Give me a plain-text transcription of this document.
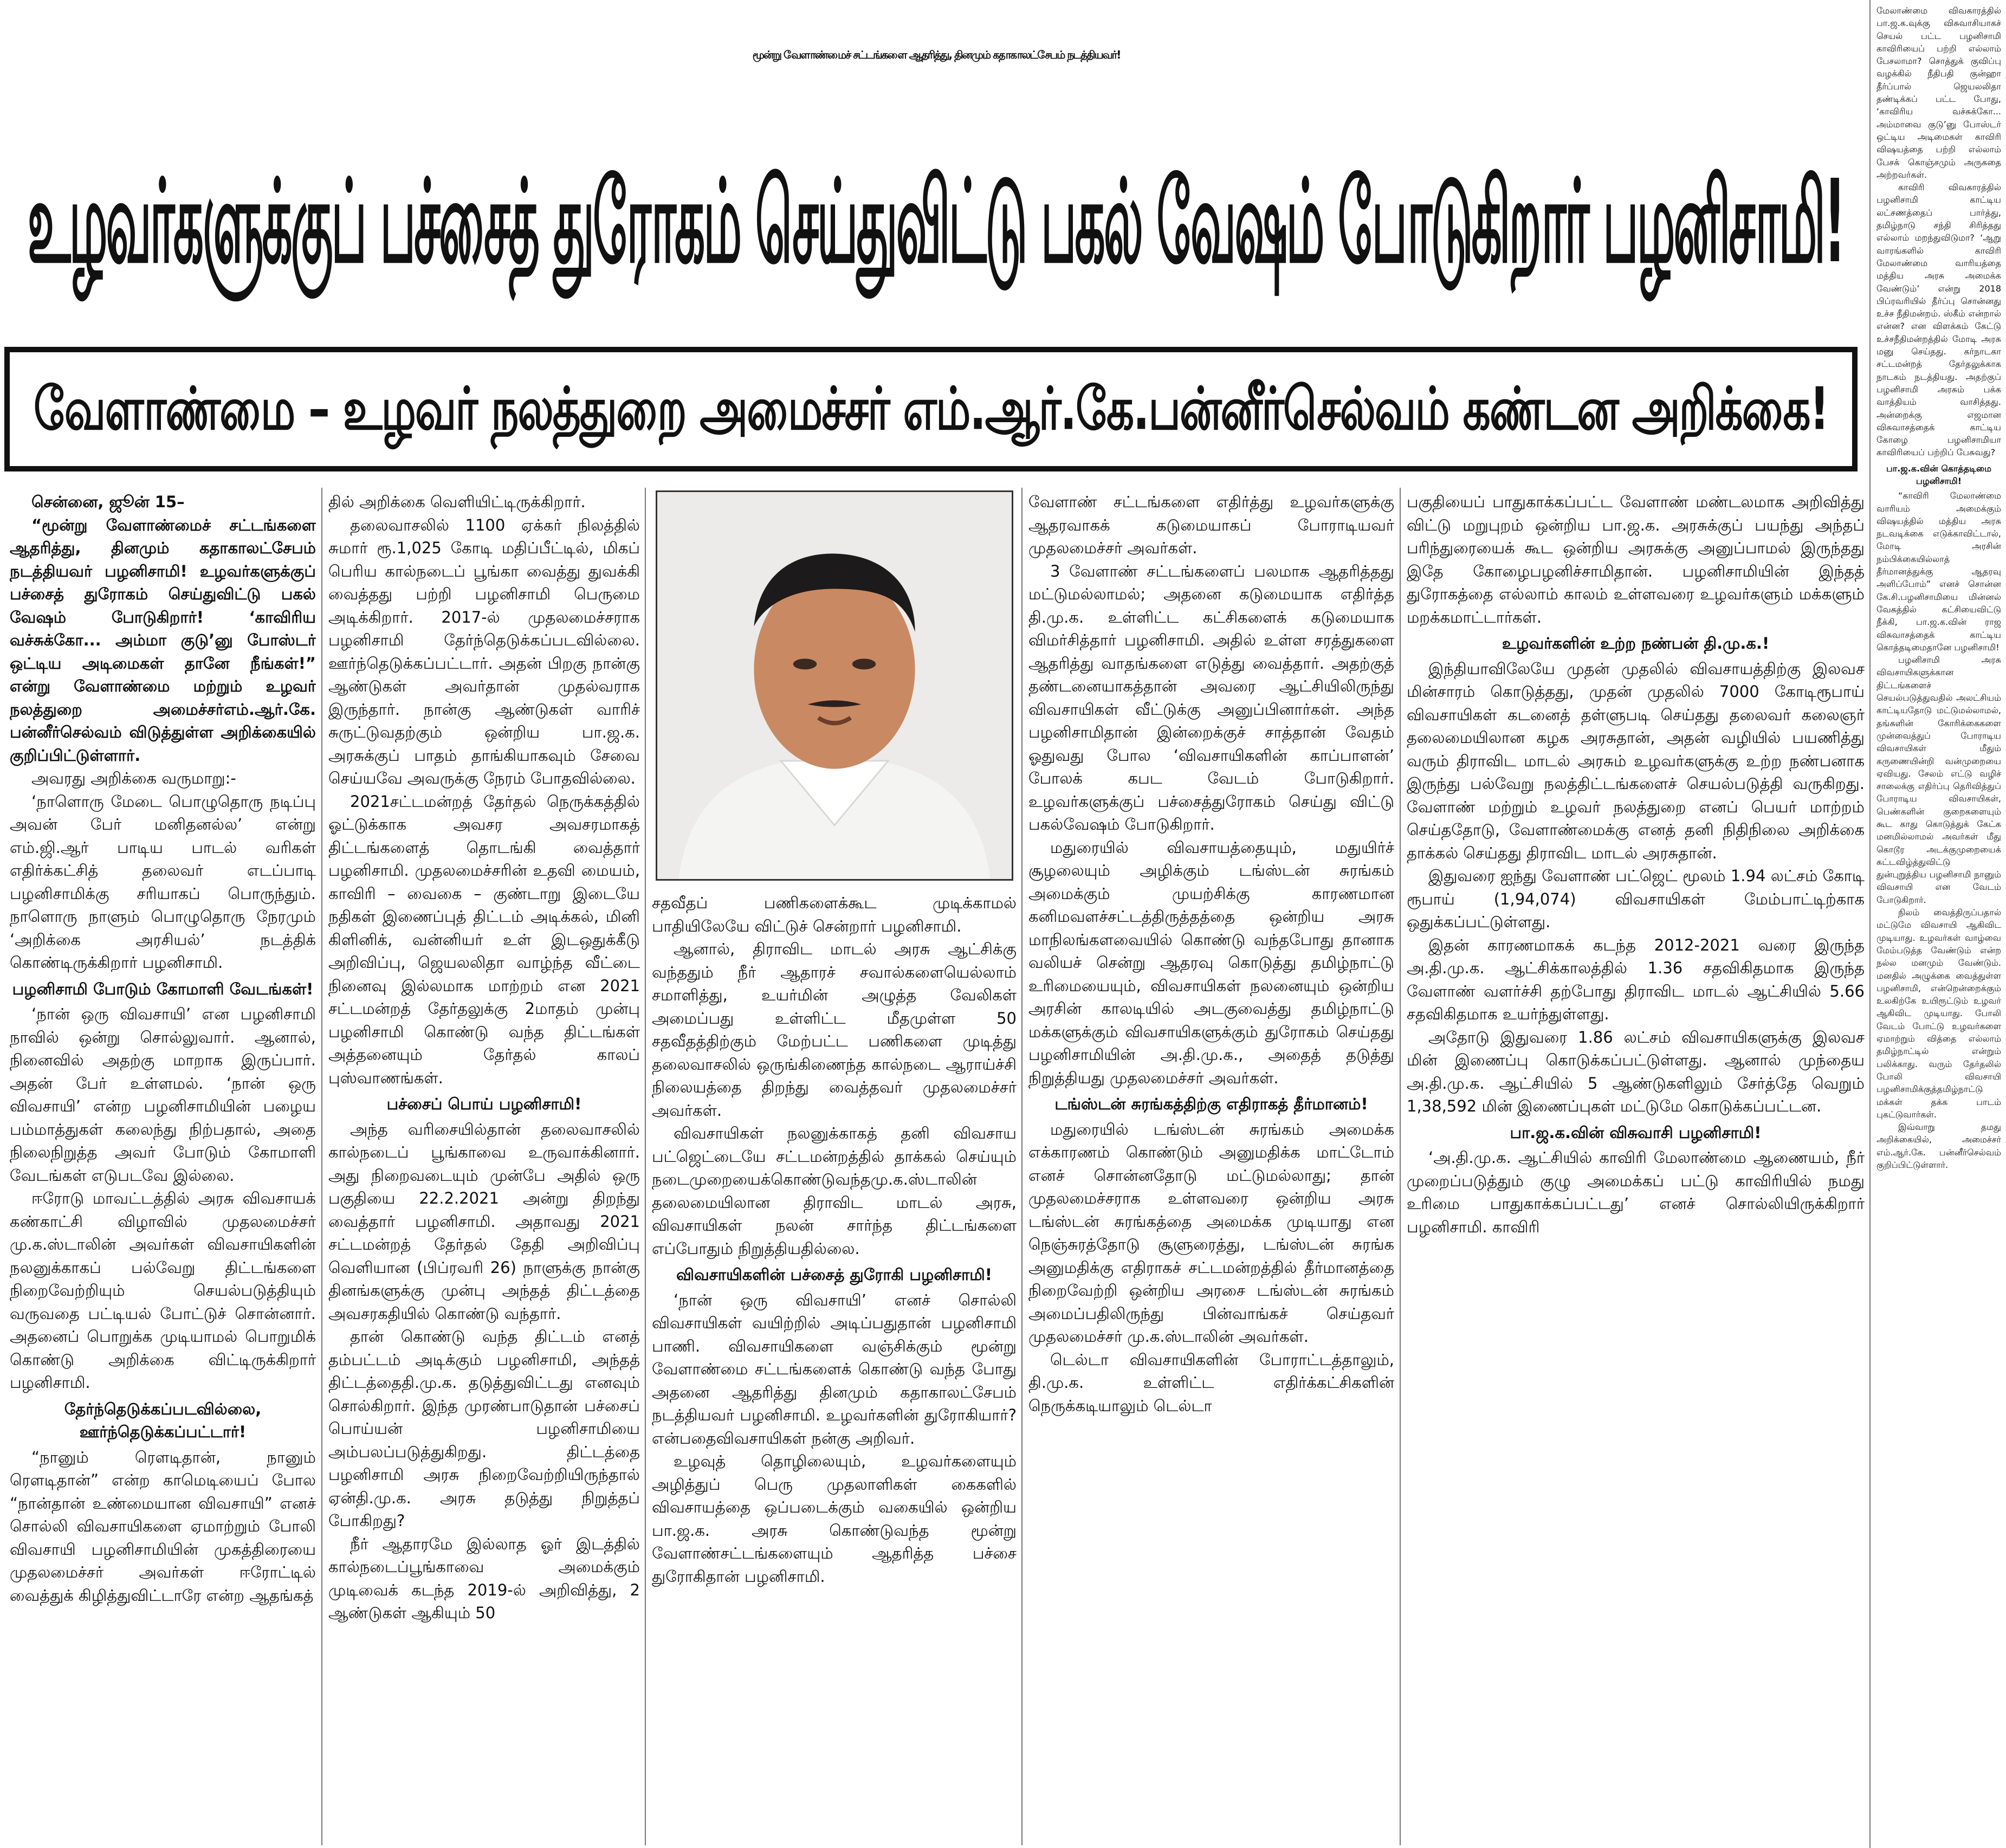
மூன்று வேளாண்மைச் சட்டங்களை ஆதரித்து, தினமும் கதாகாலட்சேபம் நடத்தியவர்!
உழவர்களுக்குப் பச்சைத் துரோகம் செய்துவிட்டு பகல் வேஷம் போடுகிறார் பழனிசாமி!
வேளாண்மை – உழவர் நலத்துறை அமைச்சர் எம்.ஆர்.கே.பன்னீர்செல்வம் கண்டன அறிக்கை!

சென்னை, ஜூன் 15–

“மூன்று வேளாண்மைச் சட்டங்களை ஆதரித்து, தினமும் கதாகாலட்சேபம் நடத்தியவர் பழனிசாமி! உழவர்களுக்குப் பச்சைத் துரோகம் செய்துவிட்டு பகல் வேஷம் போடுகிறார்! ‘காவிரிய வச்சுக்கோ... அம்மா குடு’னு போஸ்டர் ஒட்டிய அடிமைகள் தானே நீங்கள்!” என்று வேளாண்மை மற்றும் உழவர் நலத்துறை அமைச்சர்எம்.ஆர்.கே. பன்னீர்செல்வம் விடுத்துள்ள அறிக்கையில் குறிப்பிட்டுள்ளார்.

அவரது அறிக்கை வருமாறு:-

‘நாளொரு மேடை பொழுதொரு நடிப்பு அவன் பேர் மனிதனல்ல’ என்று எம்.ஜி.ஆர் பாடிய பாடல் வரிகள் எதிர்க்கட்சித் தலைவர் எடப்பாடி பழனிசாமிக்கு சரியாகப் பொருந்தும். நாளொரு நாளும் பொழுதொரு நேரமும் ‘அறிக்கை அரசியல்’ நடத்திக் கொண்டிருக்கிறார் பழனிசாமி.

பழனிசாமி போடும் கோமாளி வேடங்கள்!

‘நான் ஒரு விவசாயி’ என பழனிசாமி நாவில் ஒன்று சொல்லுவார். ஆனால், நினைவில் அதற்கு மாறாக இருப்பார். அதன் பேர் உள்ளமல். ‘நான் ஒரு விவசாயி’ என்ற பழனிசாமியின் பழைய பம்மாத்துகள் கலைந்து நிற்பதால், அதை நிலைநிறுத்த அவர் போடும் கோமாளி வேடங்கள் எடுபடவே இல்லை.

ஈரோடு மாவட்டத்தில் அரசு விவசாயக் கண்காட்சி விழாவில் முதலமைச்சர் மு.க.ஸ்டாலின் அவர்கள் விவசாயிகளின் நலனுக்காகப் பல்வேறு திட்டங்களை நிறைவேற்றியும் செயல்படுத்தியும் வருவதை பட்டியல் போட்டுச் சொன்னார். அதனைப் பொறுக்க முடியாமல் பொறுமிக் கொண்டு அறிக்கை விட்டிருக்கிறார் பழனிசாமி.

தேர்ந்தெடுக்கப்படவில்லை, ஊர்ந்தெடுக்கப்பட்டார்!

“நானும் ரௌடிதான், நானும் ரௌடிதான்” என்ற காமெடியைப் போல “நான்தான் உண்மையான விவசாயி” எனச் சொல்லி விவசாயிகளை ஏமாற்றும் போலி விவசாயி பழனிசாமியின் முகத்திரையை முதலமைச்சர் அவர்கள் ஈரோட்டில் வைத்துக் கிழித்துவிட்டாரே என்ற ஆதங்கத்

தில் அறிக்கை வெளியிட்டிருக்கிறார்.

தலைவாசலில் 1100 ஏக்கர் நிலத்தில் சுமார் ரூ.1,025 கோடி மதிப்பீட்டில், மிகப் பெரிய கால்நடைப் பூங்கா வைத்து துவக்கி வைத்தது பற்றி பழனிசாமி பெருமை அடிக்கிறார். 2017-ல் முதலமைச்சராக பழனிசாமி தேர்ந்தெடுக்கப்படவில்லை. ஊர்ந்தெடுக்கப்பட்டார். அதன் பிறகு நான்கு ஆண்டுகள் அவர்தான் முதல்வராக இருந்தார். நான்கு ஆண்டுகள் வாரிச் சுருட்டுவதற்கும் ஒன்றிய பா.ஜ.க. அரசுக்குப் பாதம் தாங்கியாகவும் சேவை செய்யவே அவருக்கு நேரம் போதவில்லை.

2021சட்டமன்றத் தேர்தல் நெருக்கத்தில் ஓட்டுக்காக அவசர அவசரமாகத் திட்டங்களைத் தொடங்கி வைத்தார் பழனிசாமி. முதலமைச்சரின் உதவி மையம், காவிரி – வைகை – குண்டாறு இடையே நதிகள் இணைப்புத் திட்டம் அடிக்கல், மினி கிளினிக், வன்னியர் உள் இடஒதுக்கீடு அறிவிப்பு, ஜெயலலிதா வாழ்ந்த வீட்டை நினைவு இல்லமாக மாற்றம் என 2021 சட்டமன்றத் தேர்தலுக்கு 2மாதம் முன்பு பழனிசாமி கொண்டு வந்த திட்டங்கள் அத்தனையும் தேர்தல் காலப் புஸ்வாணங்கள்.

பச்சைப் பொய் பழனிசாமி!

அந்த வரிசையில்தான் தலைவாசலில் கால்நடைப் பூங்காவை உருவாக்கினார். அது நிறைவடையும் முன்பே அதில் ஒரு பகுதியை 22.2.2021 அன்று திறந்து வைத்தார் பழனிசாமி. அதாவது 2021 சட்டமன்றத் தேர்தல் தேதி அறிவிப்பு வெளியான (பிப்ரவரி 26) நாளுக்கு நான்கு தினங்களுக்கு முன்பு அந்தத் திட்டத்தை அவசரகதியில் கொண்டு வந்தார்.

தான் கொண்டு வந்த திட்டம் எனத் தம்பட்டம் அடிக்கும் பழனிசாமி, அந்தத் திட்டத்தைதி.மு.க. தடுத்துவிட்டது எனவும் சொல்கிறார். இந்த முரண்பாடுதான் பச்சைப் பொய்யன் பழனிசாமியை அம்பலப்படுத்துகிறது. திட்டத்தை பழனிசாமி அரசு நிறைவேற்றியிருந்தால் ஏன்தி.மு.க. அரசு தடுத்து நிறுத்தப் போகிறது?

நீர் ஆதாரமே இல்லாத ஓர் இடத்தில் கால்நடைப்பூங்காவை அமைக்கும் முடிவைக் கடந்த 2019-ல் அறிவித்து, 2 ஆண்டுகள் ஆகியும் 50

சதவீதப் பணிகளைக்கூட முடிக்காமல் பாதியிலேயே விட்டுச் சென்றார் பழனிசாமி.

ஆனால், திராவிட மாடல் அரசு ஆட்சிக்கு வந்ததும் நீர் ஆதாரச் சவால்களையெல்லாம் சமாளித்து, உயர்மின் அழுத்த வேலிகள் அமைப்பது உள்ளிட்ட மீதமுள்ள 50 சதவீதத்திற்கும் மேற்பட்ட பணிகளை முடித்து தலைவாசலில் ஒருங்கிணைந்த கால்நடை ஆராய்ச்சி நிலையத்தை திறந்து வைத்தவர் முதலமைச்சர் அவர்கள்.

விவசாயிகள் நலனுக்காகத் தனி விவசாய பட்ஜெட்டையே சட்டமன்றத்தில் தாக்கல் செய்யும் நடைமுறையைக்கொண்டுவந்தமு.க.ஸ்டாலின் தலைமையிலான திராவிட மாடல் அரசு, விவசாயிகள் நலன் சார்ந்த திட்டங்களை எப்போதும் நிறுத்தியதில்லை.

விவசாயிகளின் பச்சைத் துரோகி பழனிசாமி!

‘நான் ஒரு விவசாயி’ எனச் சொல்லி விவசாயிகள் வயிற்றில் அடிப்பதுதான் பழனிசாமி பாணி. விவசாயிகளை வஞ்சிக்கும் மூன்று வேளாண்மை சட்டங்களைக் கொண்டு வந்த போது அதனை ஆதரித்து தினமும் கதாகாலட்சேபம் நடத்தியவர் பழனிசாமி. உழவர்களின் துரோகியார்? என்பதைவிவசாயிகள் நன்கு அறிவர்.

உழவுத் தொழிலையும், உழவர்களையும் அழித்துப் பெரு முதலாளிகள் கைகளில் விவசாயத்தை ஒப்படைக்கும் வகையில் ஒன்றிய பா.ஜ.க. அரசு கொண்டுவந்த மூன்று வேளாண்சட்டங்களையும் ஆதரித்த பச்சை துரோகிதான் பழனிசாமி.

வேளாண் சட்டங்களை எதிர்த்து உழவர்களுக்கு ஆதரவாகக் கடுமையாகப் போராடியவர் முதலமைச்சர் அவர்கள்.

3 வேளாண் சட்டங்களைப் பலமாக ஆதரித்தது மட்டுமல்லாமல்; அதனை கடுமையாக எதிர்த்த தி.மு.க. உள்ளிட்ட கட்சிகளைக் கடுமையாக விமர்சித்தார் பழனிசாமி. அதில் உள்ள சரத்துகளை ஆதரித்து வாதங்களை எடுத்து வைத்தார். அதற்குத் தண்டனையாகத்தான் அவரை ஆட்சியிலிருந்து விவசாயிகள் வீட்டுக்கு அனுப்பினார்கள். அந்த பழனிசாமிதான் இன்றைக்குச் சாத்தான் வேதம் ஓதுவது போல ‘விவசாயிகளின் காப்பாளன்’ போலக் கபட வேடம் போடுகிறார். உழவர்களுக்குப் பச்சைத்துரோகம் செய்து விட்டு பகல்வேஷம் போடுகிறார்.

மதுரையில் விவசாயத்தையும், மதுயிர்ச் சூழலையும் அழிக்கும் டங்ஸ்டன் சுரங்கம் அமைக்கும் முயற்சிக்கு காரணமான கனிமவளச்சட்டத்திருத்தத்தை ஒன்றிய அரசு மாநிலங்களவையில் கொண்டு வந்தபோது தானாக வலியச் சென்று ஆதரவு கொடுத்து தமிழ்நாட்டு உரிமையையும், விவசாயிகள் நலனையும் ஒன்றிய அரசின் காலடியில் அடகுவைத்து தமிழ்நாட்டு மக்களுக்கும் விவசாயிகளுக்கும் துரோகம் செய்தது பழனிசாமியின் அ.தி.மு.க., அதைத் தடுத்து நிறுத்தியது முதலமைச்சர் அவர்கள்.

டங்ஸ்டன் சுரங்கத்திற்கு எதிராகத் தீர்மானம்!

மதுரையில் டங்ஸ்டன் சுரங்கம் அமைக்க எக்காரணம் கொண்டும் அனுமதிக்க மாட்டோம் எனச் சொன்னதோடு மட்டுமல்லாது; தான் முதலமைச்சராக உள்ளவரை ஒன்றிய அரசு டங்ஸ்டன் சுரங்கத்தை அமைக்க முடியாது என நெஞ்சுரத்தோடு சூளுரைத்து, டங்ஸ்டன் சுரங்க அனுமதிக்கு எதிராகச் சட்டமன்றத்தில் தீர்மானத்தை நிறைவேற்றி ஒன்றிய அரசை டங்ஸ்டன் சுரங்கம் அமைப்பதிலிருந்து பின்வாங்கச் செய்தவர் முதலமைச்சர் மு.க.ஸ்டாலின் அவர்கள்.

டெல்டா விவசாயிகளின் போராட்டத்தாலும், தி.மு.க. உள்ளிட்ட எதிர்க்கட்சிகளின் நெருக்கடியாலும் டெல்டா

பகுதியைப் பாதுகாக்கப்பட்ட வேளாண் மண்டலமாக அறிவித்து விட்டு மறுபுறம் ஒன்றிய பா.ஜ.க. அரசுக்குப் பயந்து அந்தப் பரிந்துரையைக் கூட ஒன்றிய அரசுக்கு அனுப்பாமல் இருந்தது இதே கோழைபழனிச்சாமிதான். பழனிசாமியின் இந்தத் துரோகத்தை எல்லாம் காலம் உள்ளவரை உழவர்களும் மக்களும் மறக்கமாட்டார்கள்.

உழவர்களின் உற்ற நண்பன் தி.மு.க.!

இந்தியாவிலேயே முதன் முதலில் விவசாயத்திற்கு இலவச மின்சாரம் கொடுத்தது, முதன் முதலில் 7000 கோடிரூபாய் விவசாயிகள் கடனைத் தள்ளுபடி செய்தது தலைவர் கலைஞர் தலைமையிலான கழக அரசுதான், அதன் வழியில் பயணித்து வரும் திராவிட மாடல் அரசும் உழவர்களுக்கு உற்ற நண்பனாக இருந்து பல்வேறு நலத்திட்டங்களைச் செயல்படுத்தி வருகிறது. வேளாண் மற்றும் உழவர் நலத்துறை எனப் பெயர் மாற்றம் செய்ததோடு, வேளாண்மைக்கு எனத் தனி நிதிநிலை அறிக்கை தாக்கல் செய்தது திராவிட மாடல் அரசுதான்.

இதுவரை ஐந்து வேளாண் பட்ஜெட் மூலம் 1.94 லட்சம் கோடி ரூபாய் (1,94,074) விவசாயிகள் மேம்பாட்டிற்காக ஒதுக்கப்பட்டுள்ளது.

இதன் காரணமாகக் கடந்த 2012-2021 வரை இருந்த அ.தி.மு.க. ஆட்சிக்காலத்தில் 1.36 சதவிகிதமாக இருந்த வேளாண் வளர்ச்சி தற்போது திராவிட மாடல் ஆட்சியில் 5.66 சதவிகிதமாக உயர்ந்துள்ளது.

அதோடு இதுவரை 1.86 லட்சம் விவசாயிகளுக்கு இலவச மின் இணைப்பு கொடுக்கப்பட்டுள்ளது. ஆனால் முந்தைய அ.தி.மு.க. ஆட்சியில் 5 ஆண்டுகளிலும் சேர்த்தே வெறும் 1,38,592 மின் இணைப்புகள் மட்டுமே கொடுக்கப்பட்டன.

பா.ஜ.க.வின் விசுவாசி பழனிசாமி!

‘அ.தி.மு.க. ஆட்சியில் காவிரி மேலாண்மை ஆணையம், நீர் முறைப்படுத்தும் குழு அமைக்கப் பட்டு காவிரியில் நமது உரிமை பாதுகாக்கப்பட்டது’ எனச் சொல்லியிருக்கிறார் பழனிசாமி. காவிரி

மேலாண்மை விவகாரத்தில் பா.ஜ.க.வுக்கு விசுவாசியாகச் செயல் பட்ட பழனிசாமி காவிரியைப் பற்றி எல்லாம் பேசலாமா? சொத்துக் குவிப்பு வழக்கில் நீதிபதி குன்ஹா தீர்ப்பால் ஜெயலலிதா தண்டிக்கப் பட்ட போது, ‘காவிரிய வச்சுக்கோ... அம்மாவை குடு’னு போஸ்டர் ஒட்டிய அடிமைகள் காவிரி விஷயத்தை பற்றி எல்லாம் பேசக் கொஞ்சமும் அருகதை அற்றவர்கள்.

காவிரி விவகாரத்தில் பழனிசாமி காட்டிய லட்சணத்தைப் பார்த்து, தமிழ்நாடு சந்தி சிரித்தது எல்லாம் மறந்துவிடுமா? ‘ஆறு வாரங்களில் காவிரி மேலாண்மை வாரியத்தை மத்திய அரசு அமைக்க வேண்டும்’ என்று 2018 பிப்ரவரியில் தீர்ப்பு சொன்னது உச்ச நீதிமன்றம். ஸ்கீம் என்றால் என்ன? என விளக்கம் கேட்டு உச்சநீதிமன்றத்தில் மோடி அரசு மனு செய்தது. கர்நாடகா சட்டமன்றத் தேர்தலுக்காக நாடகம் நடத்தியது. அதற்குப் பழனிசாமி அரசும் பக்க வாத்தியம் வாசித்தது. அன்றைக்கு எஜமான விசுவாசத்தைக் காட்டிய கோழை பழனிசாமியா காவிரியைப் பற்றிப் பேசுவது?

பா.ஜ.க.வின் கொத்தடிமை பழனிசாமி!

“காவிரி மேலாண்மை வாரியம் அமைக்கும் விஷயத்தில் மத்திய அரசு நடவடிக்கை எடுக்காவிட்டால், மோடி அரசின் நம்பிக்கையில்லாத் தீர்மானத்துக்கு ஆதரவு அளிப்போம்” எனச் சொன்ன கே.சி.பழனிசாமியை மின்னல் வேகத்தில் கட்சியைவிட்டு நீக்கி, பா.ஜ.க.வின் ராஜ விசுவாசத்தைக் காட்டிய கொத்தடிமைதானே பழனிசாமி!

பழனிசாமி அரசு விவசாயிகளுக்கான திட்டங்களைச் செயல்படுத்துவதில் அலட்சியம் காட்டியதோடு மட்டுமல்லாமல், தங்களின் கோரிக்கைகளை முன்வைத்துப் போராடிய விவசாயிகள் மீதும் கருணையின்றி வன்முறையை ஏவியது. சேலம் எட்டு வழிச் சாலைக்கு எதிர்ப்பு தெரிவித்துப் போராடிய விவசாயிகள், பெண்களின் குறைகளையும் கூட காது கொடுத்துக் கேட்க மனமில்லாமல் அவர்கள் மீது கொடூர அடக்குமுறையைக் கட்டவிழ்த்துவிட்டு துன்புறுத்திய பழனிசாமி நானும் விவசாயி என வேடம் போடுகிறார்.

நிலம் வைத்திருப்பதால் மட்டுமே விவசாயி ஆகிவிட முடியாது. உழவர்கள் வாழ்வை மேம்படுத்த வேண்டும் என்ற நல்ல மனமும் வேண்டும். மனதில் அழுக்கை வைத்துள்ள பழனிசாமி, என்றென்றைக்கும் உலகிற்கே உயிரூட்டும் உழவர் ஆகிவிட முடியாது. போலி வேடம் போட்டு உழவர்களை ஏமாற்றும் வித்தை எல்லாம் தமிழ்நாட்டில் என்றும் பலிக்காது. வரும் தேர்தலில் போலி விவசாயி பழனிசாமிக்குத்தமிழ்நாட்டு மக்கள் தக்க பாடம் புகட்டுவார்கள்.

இவ்வாறு தமது அறிக்கையில், அமைச்சர் எம்.ஆர்.கே. பன்னீர்செல்வம் குறிப்பிட்டுள்ளார்.
